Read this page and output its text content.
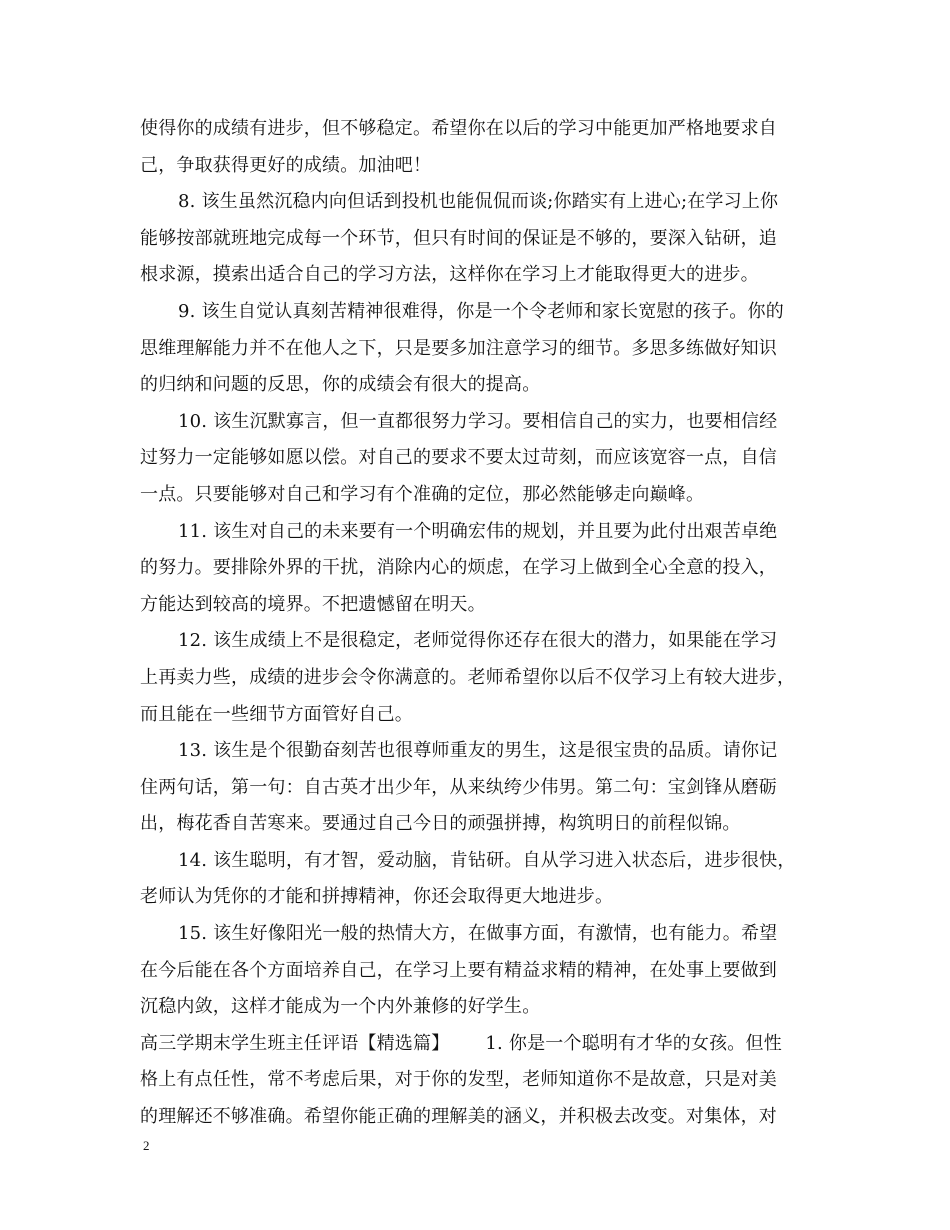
使得你的成绩有进步，但不够稳定。希望你在以后的学习中能更加严格地要求自
己，争取获得更好的成绩。加油吧！
8. 该生虽然沉稳内向但话到投机也能侃侃而谈;你踏实有上进心;在学习上你
能够按部就班地完成每一个环节，但只有时间的保证是不够的，要深入钻研，追
根求源，摸索出适合自己的学习方法，这样你在学习上才能取得更大的进步。
9. 该生自觉认真刻苦精神很难得，你是一个令老师和家长宽慰的孩子。你的
思维理解能力并不在他人之下，只是要多加注意学习的细节。多思多练做好知识
的归纳和问题的反思，你的成绩会有很大的提高。
10. 该生沉默寡言，但一直都很努力学习。要相信自己的实力，也要相信经
过努力一定能够如愿以偿。对自己的要求不要太过苛刻，而应该宽容一点，自信
一点。只要能够对自己和学习有个准确的定位，那必然能够走向巅峰。
11. 该生对自己的未来要有一个明确宏伟的规划，并且要为此付出艰苦卓绝
的努力。要排除外界的干扰，消除内心的烦虑，在学习上做到全心全意的投入，
方能达到较高的境界。不把遗憾留在明天。
12. 该生成绩上不是很稳定，老师觉得你还存在很大的潜力，如果能在学习
上再卖力些，成绩的进步会令你满意的。老师希望你以后不仅学习上有较大进步，
而且能在一些细节方面管好自己。
13. 该生是个很勤奋刻苦也很尊师重友的男生，这是很宝贵的品质。请你记
住两句话，第一句：自古英才出少年，从来纨绔少伟男。第二句：宝剑锋从磨砺
出，梅花香自苦寒来。要通过自己今日的顽强拼搏，构筑明日的前程似锦。
14. 该生聪明，有才智，爱动脑，肯钻研。自从学习进入状态后，进步很快，
老师认为凭你的才能和拼搏精神，你还会取得更大地进步。
15. 该生好像阳光一般的热情大方，在做事方面，有激情，也有能力。希望
在今后能在各个方面培养自己，在学习上要有精益求精的精神，在处事上要做到
沉稳内敛，这样才能成为一个内外兼修的好学生。
高三学期末学生班主任评语【精选篇】 1. 你是一个聪明有才华的女孩。但性
格上有点任性，常不考虑后果，对于你的发型，老师知道你不是故意，只是对美
的理解还不够准确。希望你能正确的理解美的涵义，并积极去改变。对集体，对
2
